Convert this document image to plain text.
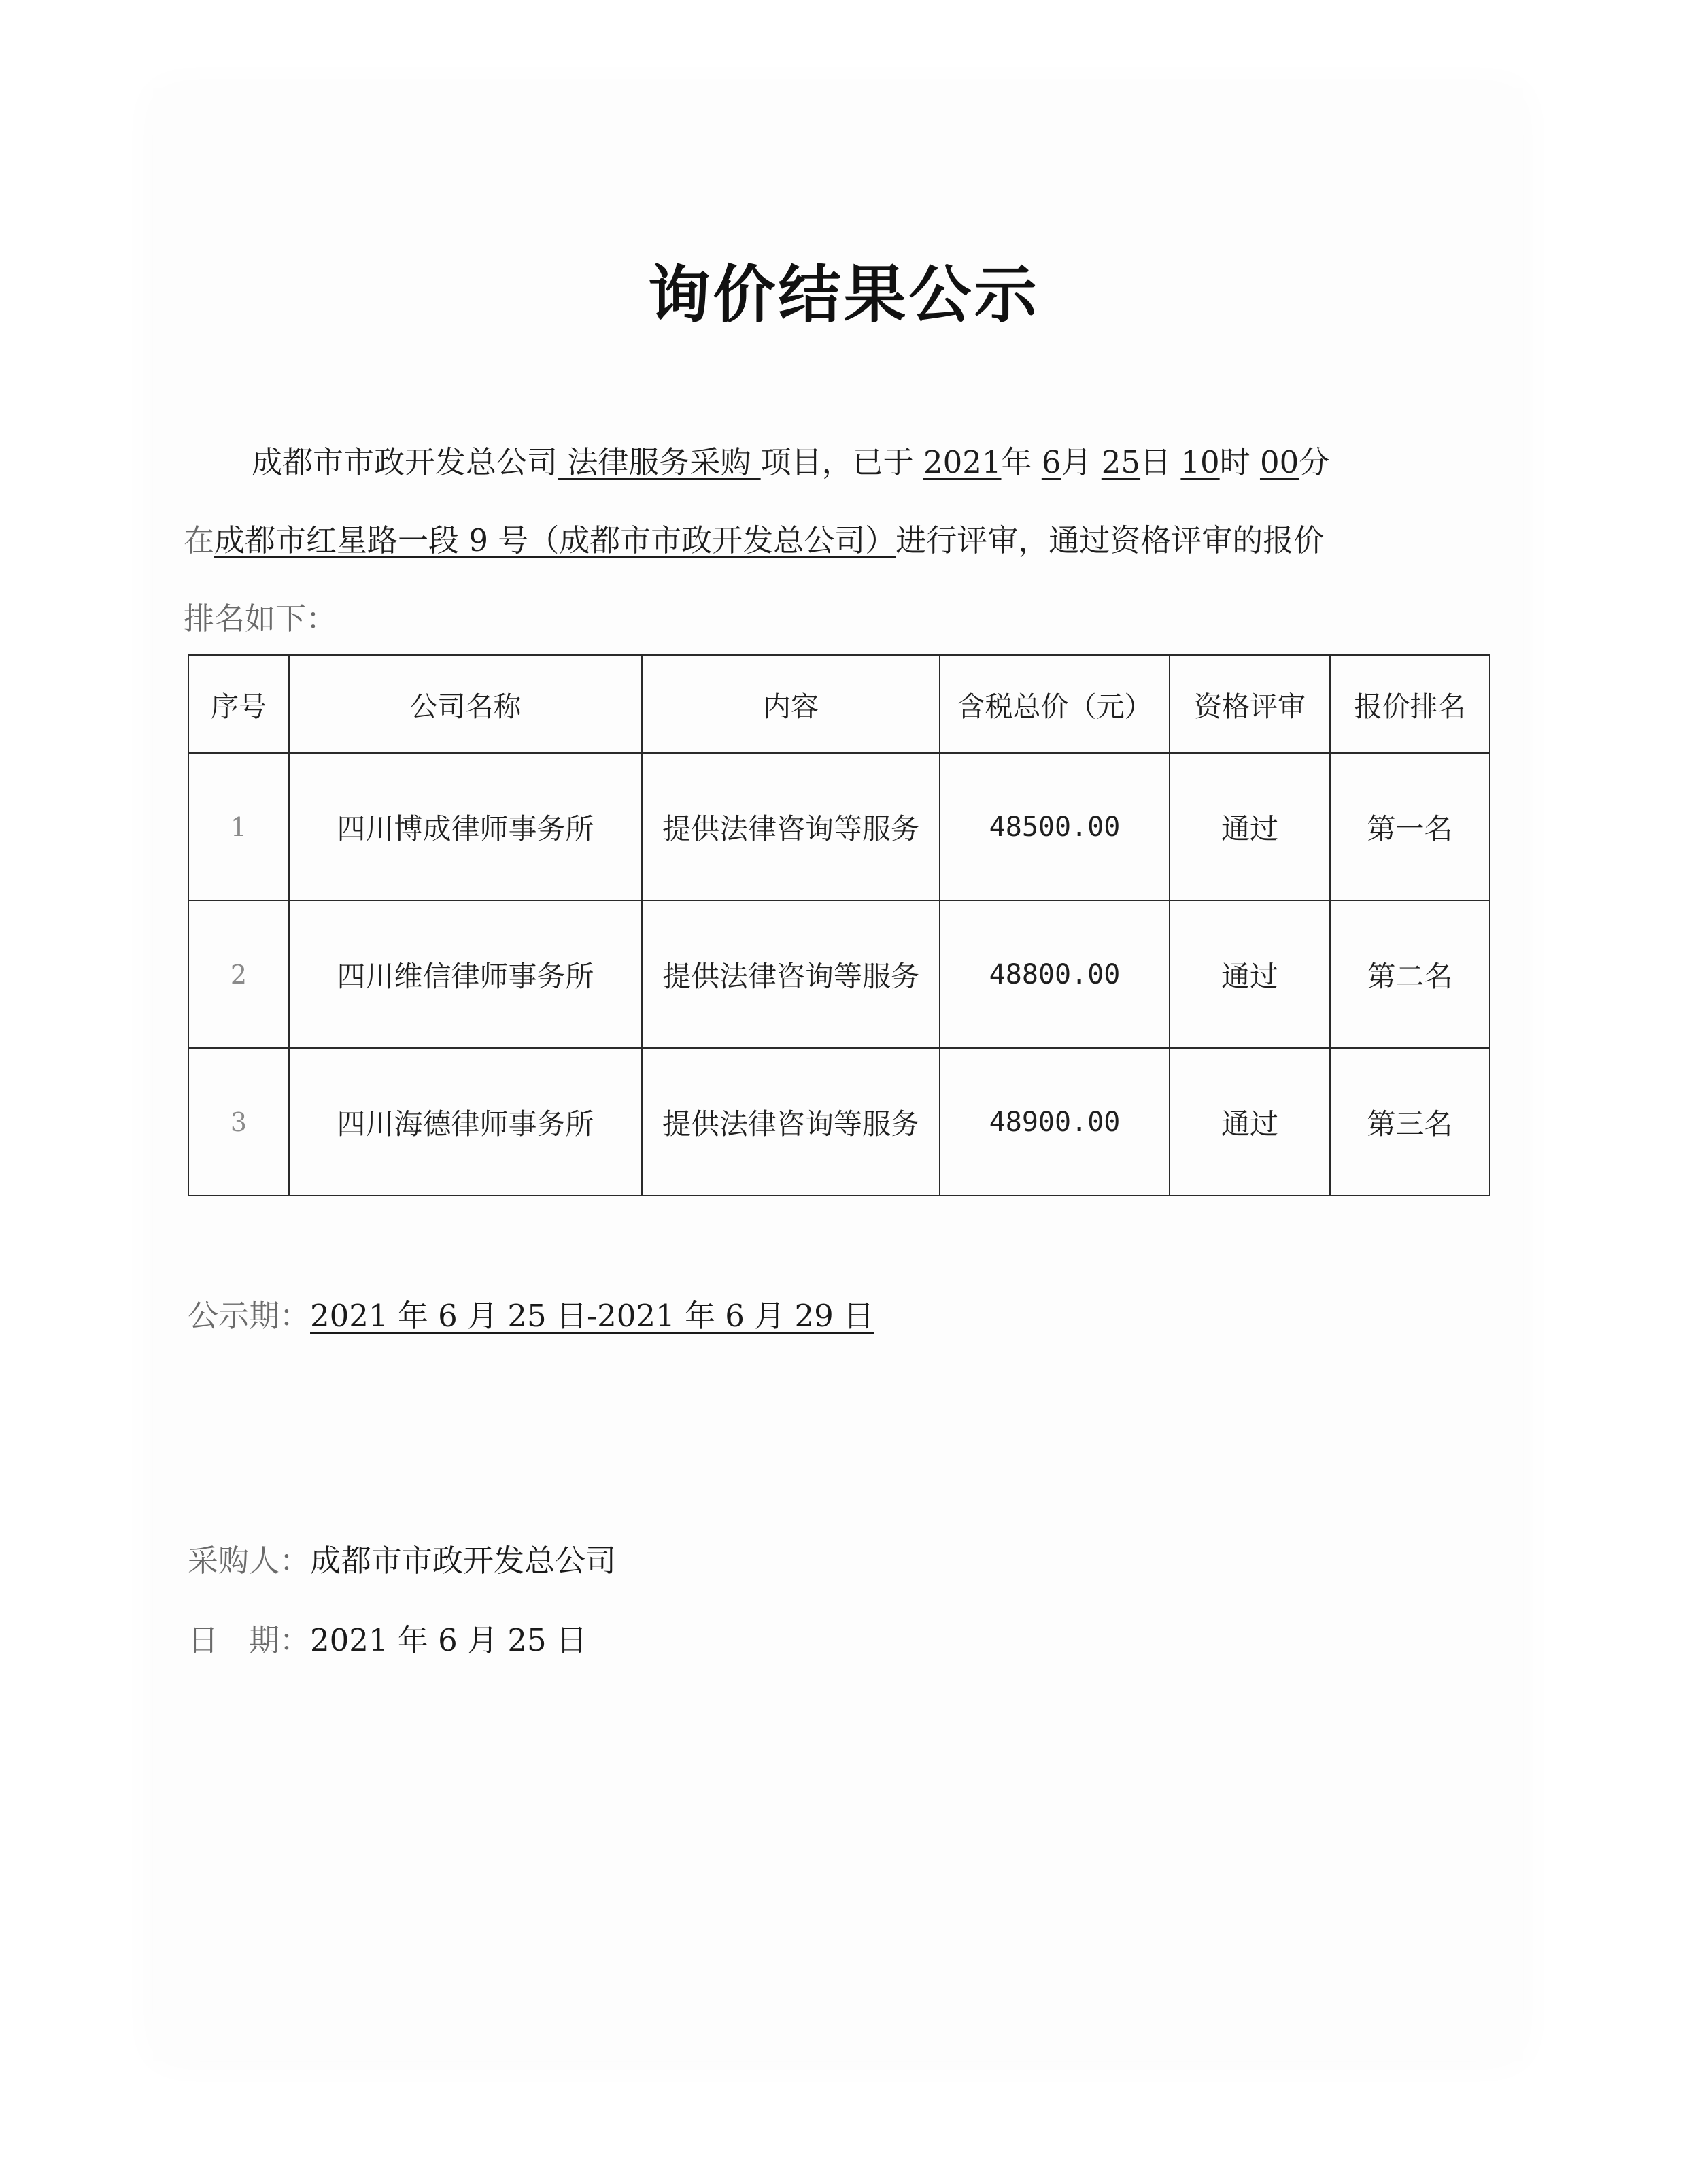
询价结果公示
成都市市政开发总公司 法律服务采购 项目，已于 2021年 6月 25日 10时 00分
在成都市红星路一段 9 号（成都市市政开发总公司）进行评审，通过资格评审的报价
排名如下：
序号	公司名称	内容	含税总价（元）	资格评审	报价排名
1	四川博成律师事务所	提供法律咨询等服务	48500.00	通过	第一名
2	四川维信律师事务所	提供法律咨询等服务	48800.00	通过	第二名
3	四川海德律师事务所	提供法律咨询等服务	48900.00	通过	第三名
公示期：2021 年 6 月 25 日-2021 年 6 月 29 日
采购人：成都市市政开发总公司
日　期：2021 年 6 月 25 日
